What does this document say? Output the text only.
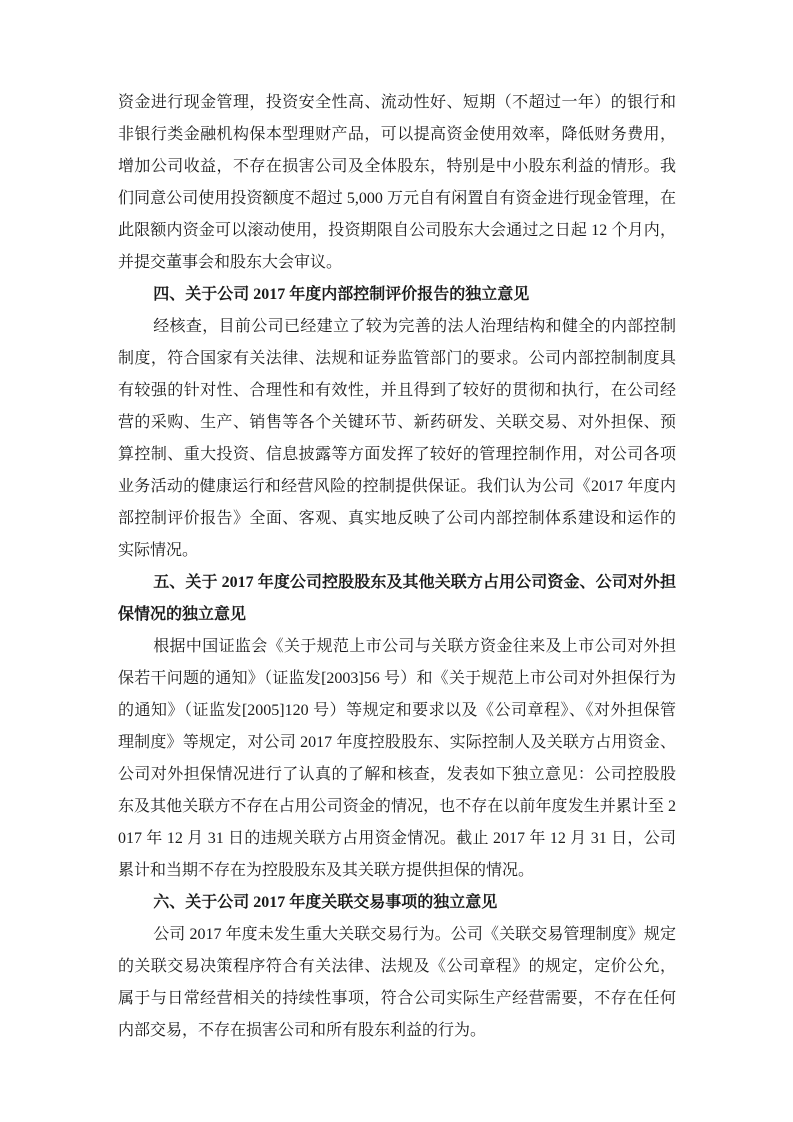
资金进行现金管理，投资安全性高、流动性好、短期（不超过一年）的银行和非银行类金融机构保本型理财产品，可以提高资金使用效率，降低财务费用，增加公司收益，不存在损害公司及全体股东，特别是中小股东利益的情形。我们同意公司使用投资额度不超过 5,000 万元自有闲置自有资金进行现金管理，在此限额内资金可以滚动使用，投资期限自公司股东大会通过之日起 12 个月内，并提交董事会和股东大会审议。

四、关于公司 2017 年度内部控制评价报告的独立意见

经核查，目前公司已经建立了较为完善的法人治理结构和健全的内部控制制度，符合国家有关法律、法规和证券监管部门的要求。公司内部控制制度具有较强的针对性、合理性和有效性，并且得到了较好的贯彻和执行，在公司经营的采购、生产、销售等各个关键环节、新药研发、关联交易、对外担保、预算控制、重大投资、信息披露等方面发挥了较好的管理控制作用，对公司各项业务活动的健康运行和经营风险的控制提供保证。我们认为公司《2017 年度内部控制评价报告》全面、客观、真实地反映了公司内部控制体系建设和运作的实际情况。

五、关于 2017 年度公司控股股东及其他关联方占用公司资金、公司对外担保情况的独立意见

根据中国证监会《关于规范上市公司与关联方资金往来及上市公司对外担保若干问题的通知》（证监发[2003]56 号）和《关于规范上市公司对外担保行为的通知》（证监发[2005]120 号）等规定和要求以及《公司章程》、《对外担保管理制度》等规定，对公司 2017 年度控股股东、实际控制人及关联方占用资金、公司对外担保情况进行了认真的了解和核查，发表如下独立意见：公司控股股东及其他关联方不存在占用公司资金的情况，也不存在以前年度发生并累计至 2017 年 12 月 31 日的违规关联方占用资金情况。截止 2017 年 12 月 31 日，公司累计和当期不存在为控股股东及其关联方提供担保的情况。

六、关于公司 2017 年度关联交易事项的独立意见

公司 2017 年度未发生重大关联交易行为。公司《关联交易管理制度》规定的关联交易决策程序符合有关法律、法规及《公司章程》的规定，定价公允，属于与日常经营相关的持续性事项，符合公司实际生产经营需要，不存在任何内部交易，不存在损害公司和所有股东利益的行为。
